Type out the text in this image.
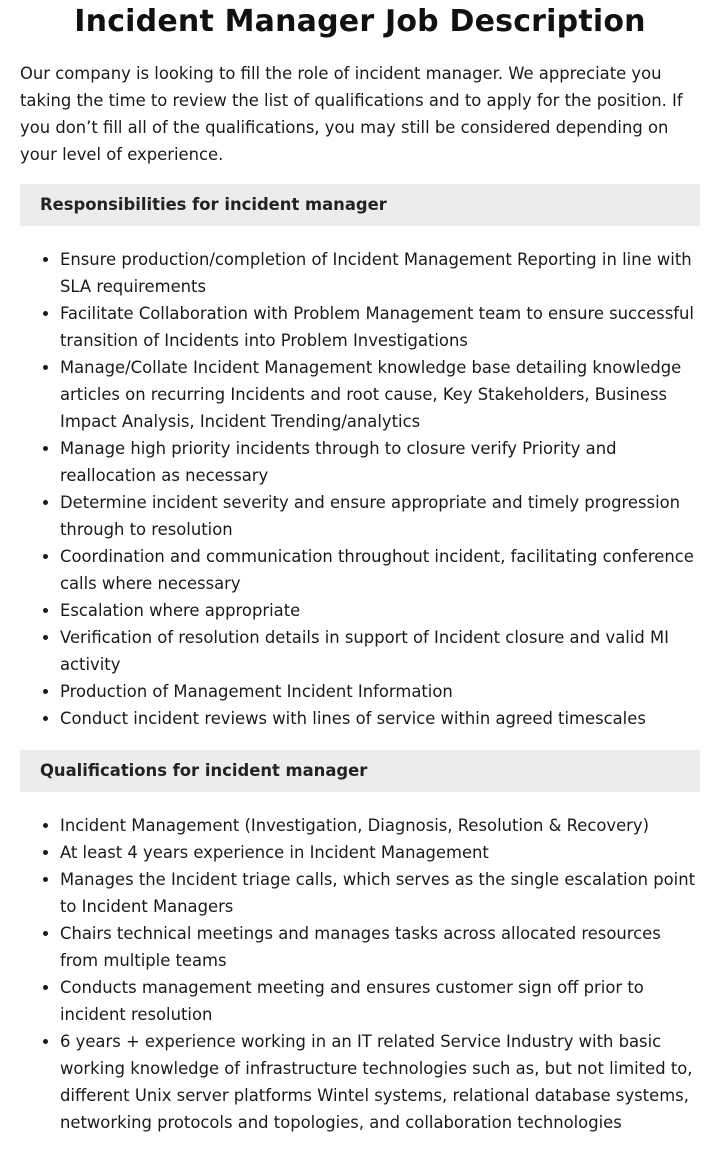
Incident Manager Job Description

Our company is looking to fill the role of incident manager. We appreciate you taking the time to review the list of qualifications and to apply for the position. If you don’t fill all of the qualifications, you may still be considered depending on your level of experience.

Responsibilities for incident manager
Ensure production/completion of Incident Management Reporting in line with SLA requirements
Facilitate Collaboration with Problem Management team to ensure successful transition of Incidents into Problem Investigations
Manage/Collate Incident Management knowledge base detailing knowledge articles on recurring Incidents and root cause, Key Stakeholders, Business Impact Analysis, Incident Trending/analytics
Manage high priority incidents through to closure verify Priority and reallocation as necessary
Determine incident severity and ensure appropriate and timely progression through to resolution
Coordination and communication throughout incident, facilitating conference calls where necessary
Escalation where appropriate
Verification of resolution details in support of Incident closure and valid MI activity
Production of Management Incident Information
Conduct incident reviews with lines of service within agreed timescales
Qualifications for incident manager
Incident Management (Investigation, Diagnosis, Resolution & Recovery)
At least 4 years experience in Incident Management
Manages the Incident triage calls, which serves as the single escalation point to Incident Managers
Chairs technical meetings and manages tasks across allocated resources from multiple teams
Conducts management meeting and ensures customer sign off prior to incident resolution
6 years + experience working in an IT related Service Industry with basic working knowledge of infrastructure technologies such as, but not limited to, different Unix server platforms Wintel systems, relational database systems, networking protocols and topologies, and collaboration technologies
